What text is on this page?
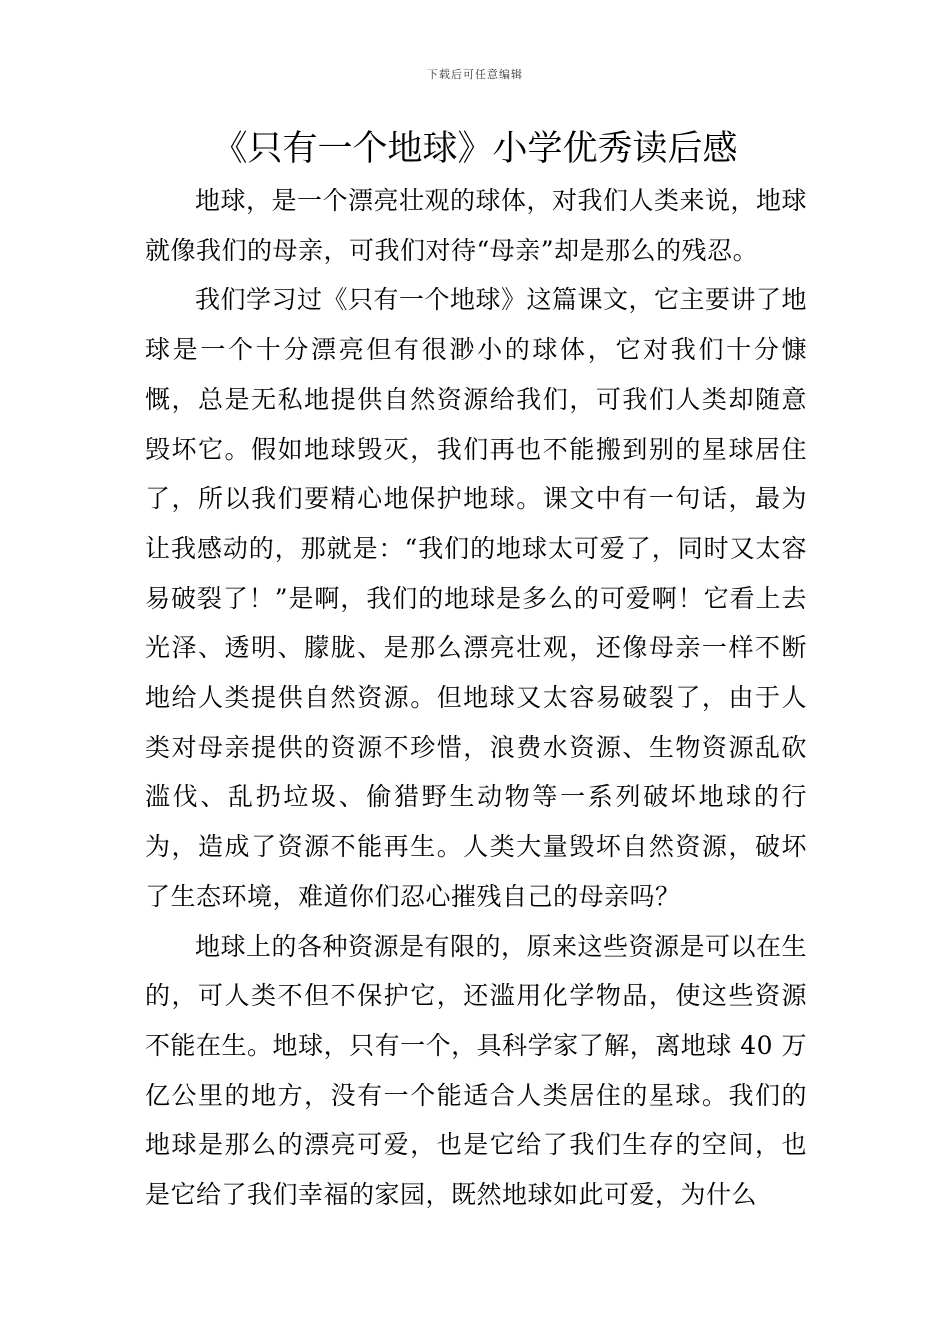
下载后可任意编辑
《只有一个地球》小学优秀读后感

地球，是一个漂亮壮观的球体，对我们人类来说，地球就像我们的母亲，可我们对待“母亲”却是那么的残忍。

我们学习过《只有一个地球》这篇课文，它主要讲了地球是一个十分漂亮但有很渺小的球体，它对我们十分慷慨，总是无私地提供自然资源给我们，可我们人类却随意毁坏它。假如地球毁灭，我们再也不能搬到别的星球居住了，所以我们要精心地保护地球。课文中有一句话，最为让我感动的，那就是：“我们的地球太可爱了，同时又太容易破裂了！”是啊，我们的地球是多么的可爱啊！它看上去光泽、透明、朦胧、是那么漂亮壮观，还像母亲一样不断地给人类提供自然资源。但地球又太容易破裂了，由于人类对母亲提供的资源不珍惜，浪费水资源、生物资源乱砍滥伐、乱扔垃圾、偷猎野生动物等一系列破坏地球的行为，造成了资源不能再生。人类大量毁坏自然资源，破坏了生态环境，难道你们忍心摧残自己的母亲吗？

地球上的各种资源是有限的，原来这些资源是可以在生的，可人类不但不保护它，还滥用化学物品，使这些资源不能在生。地球，只有一个，具科学家了解，离地球 40 万亿公里的地方，没有一个能适合人类居住的星球。我们的地球是那么的漂亮可爱，也是它给了我们生存的空间，也是它给了我们幸福的家园，既然地球如此可爱，为什么
